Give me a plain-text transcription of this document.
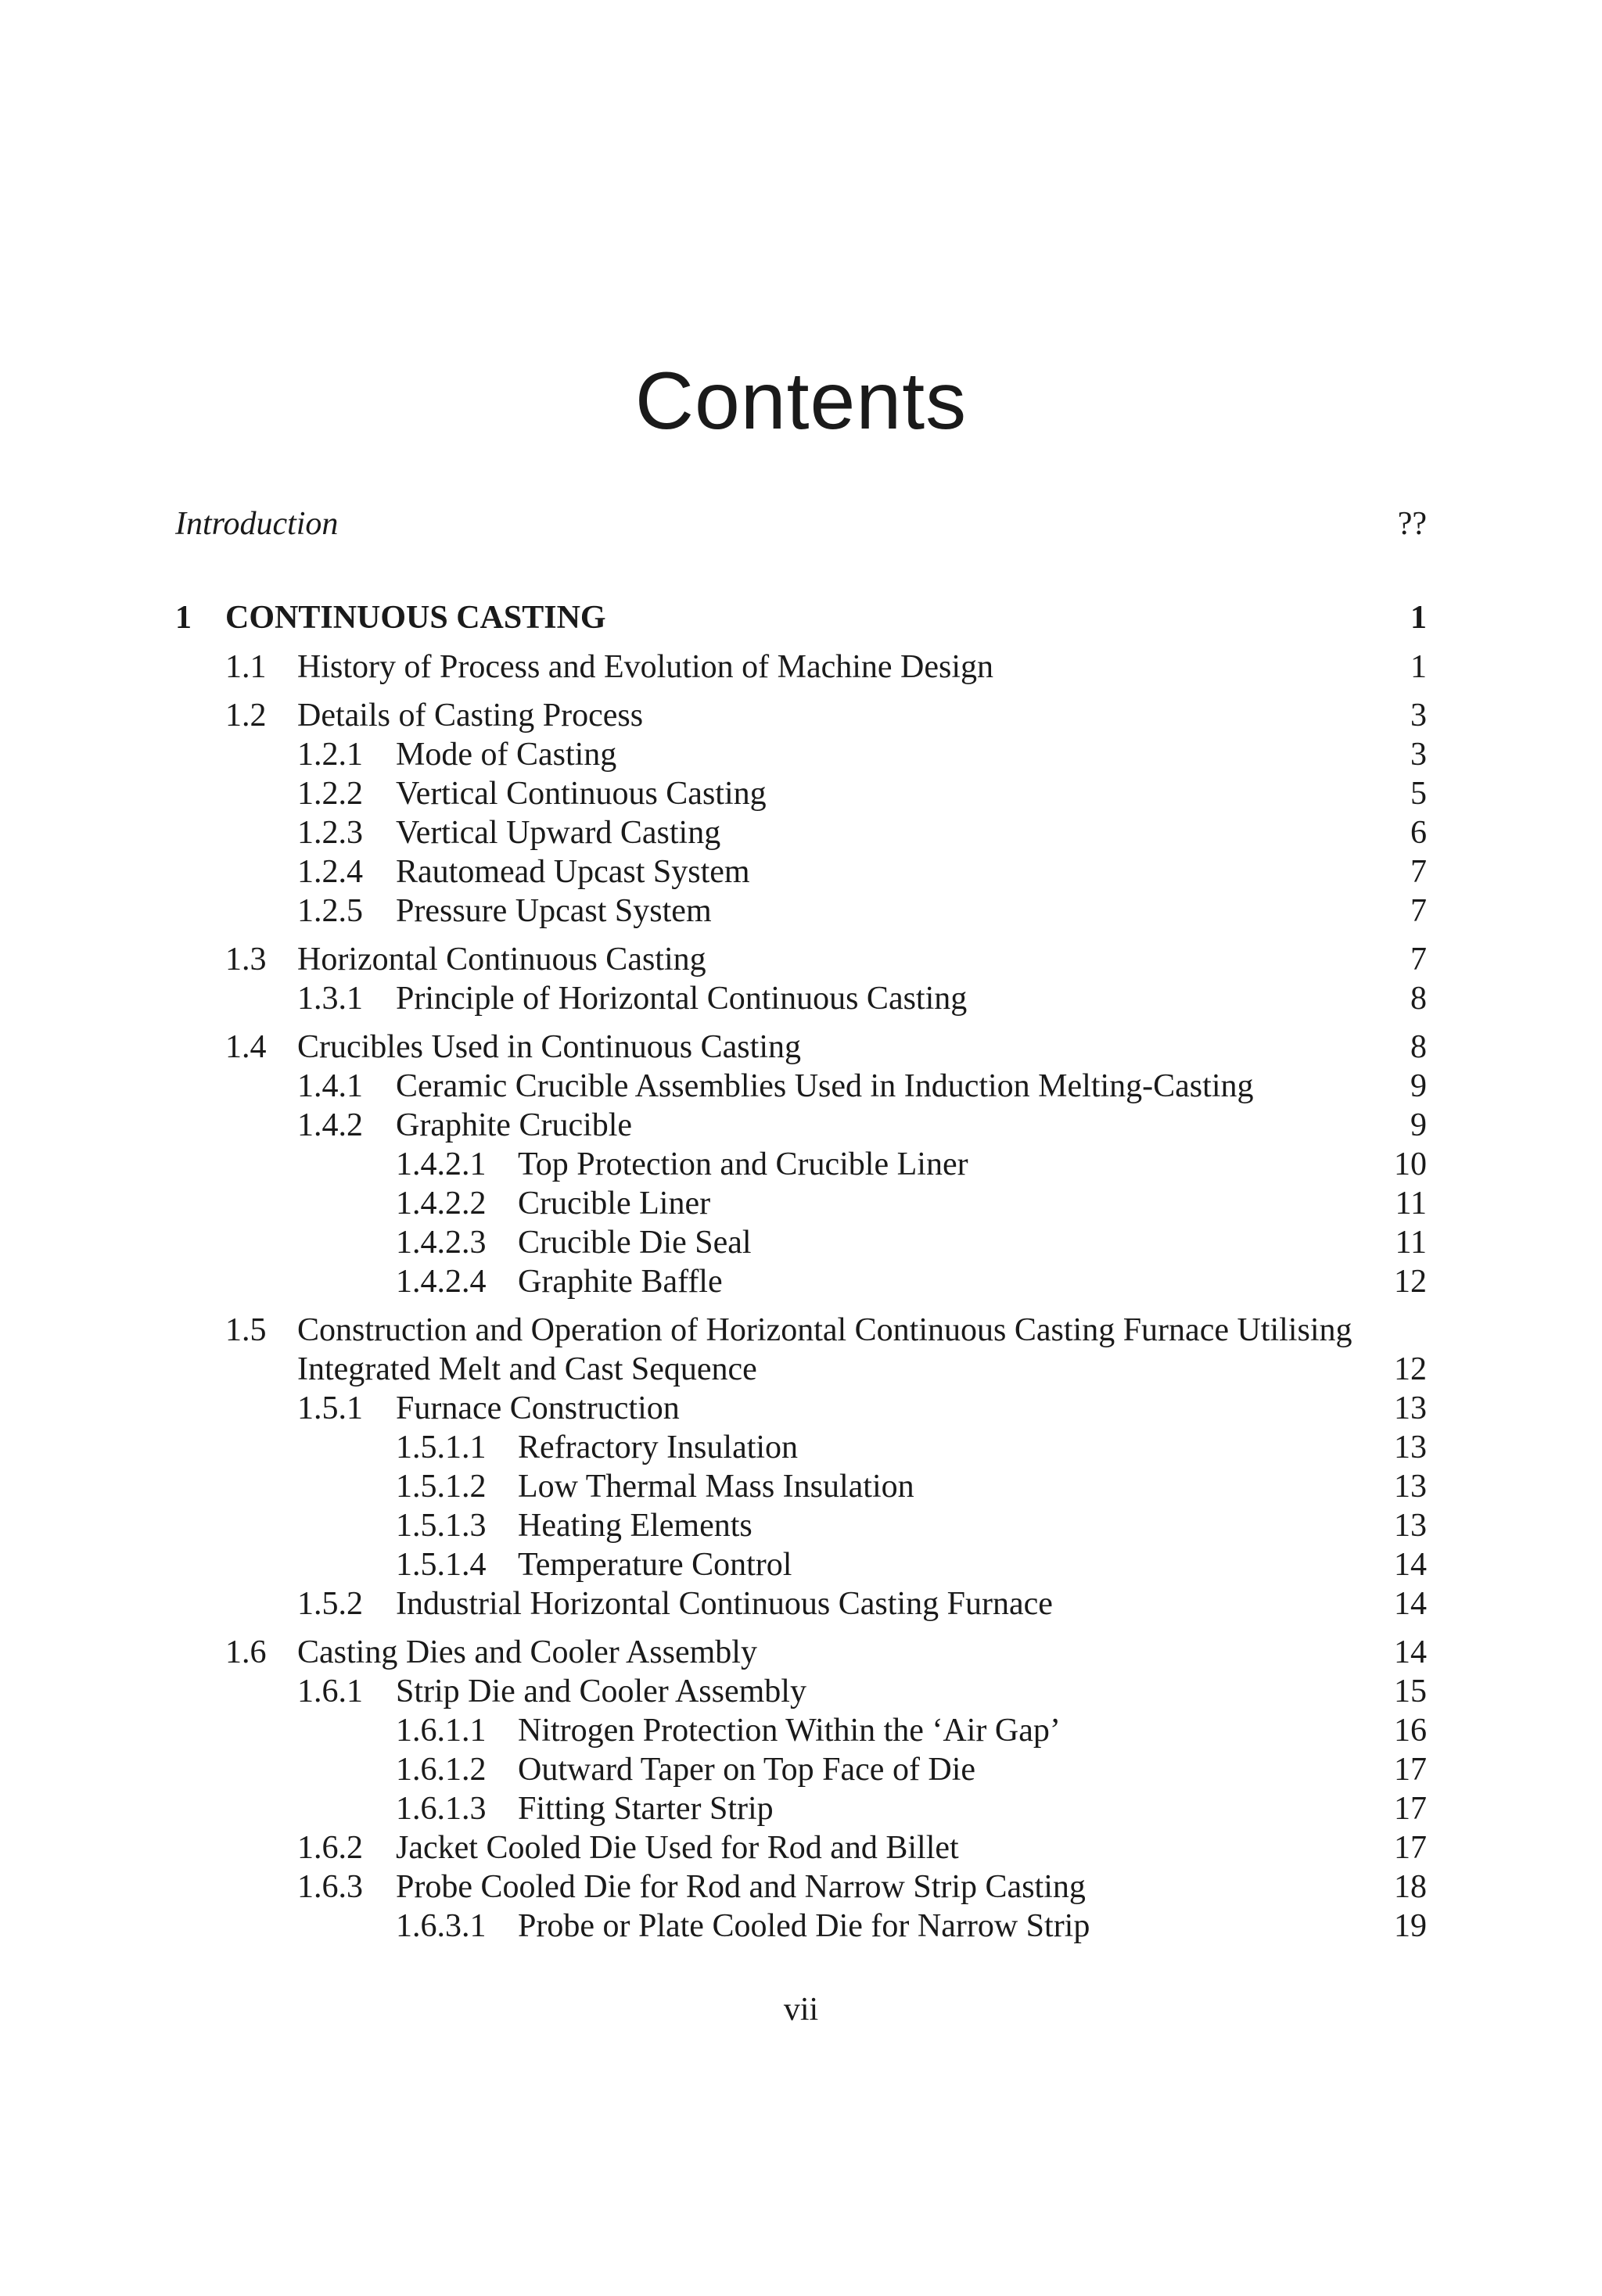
Contents
Introduction	??
1 CONTINUOUS CASTING	1
1.1 History of Process and Evolution of Machine Design	1
1.2 Details of Casting Process	3
1.2.1 Mode of Casting	3
1.2.2 Vertical Continuous Casting	5
1.2.3 Vertical Upward Casting	6
1.2.4 Rautomead Upcast System	7
1.2.5 Pressure Upcast System	7
1.3 Horizontal Continuous Casting	7
1.3.1 Principle of Horizontal Continuous Casting	8
1.4 Crucibles Used in Continuous Casting	8
1.4.1 Ceramic Crucible Assemblies Used in Induction Melting-Casting	9
1.4.2 Graphite Crucible	9
1.4.2.1 Top Protection and Crucible Liner	10
1.4.2.2 Crucible Liner	11
1.4.2.3 Crucible Die Seal	11
1.4.2.4 Graphite Baffle	12
1.5 Construction and Operation of Horizontal Continuous Casting Furnace Utilising Integrated Melt and Cast Sequence	12
1.5.1 Furnace Construction	13
1.5.1.1 Refractory Insulation	13
1.5.1.2 Low Thermal Mass Insulation	13
1.5.1.3 Heating Elements	13
1.5.1.4 Temperature Control	14
1.5.2 Industrial Horizontal Continuous Casting Furnace	14
1.6 Casting Dies and Cooler Assembly	14
1.6.1 Strip Die and Cooler Assembly	15
1.6.1.1 Nitrogen Protection Within the ‘Air Gap’	16
1.6.1.2 Outward Taper on Top Face of Die	17
1.6.1.3 Fitting Starter Strip	17
1.6.2 Jacket Cooled Die Used for Rod and Billet	17
1.6.3 Probe Cooled Die for Rod and Narrow Strip Casting	18
1.6.3.1 Probe or Plate Cooled Die for Narrow Strip	19
vii
